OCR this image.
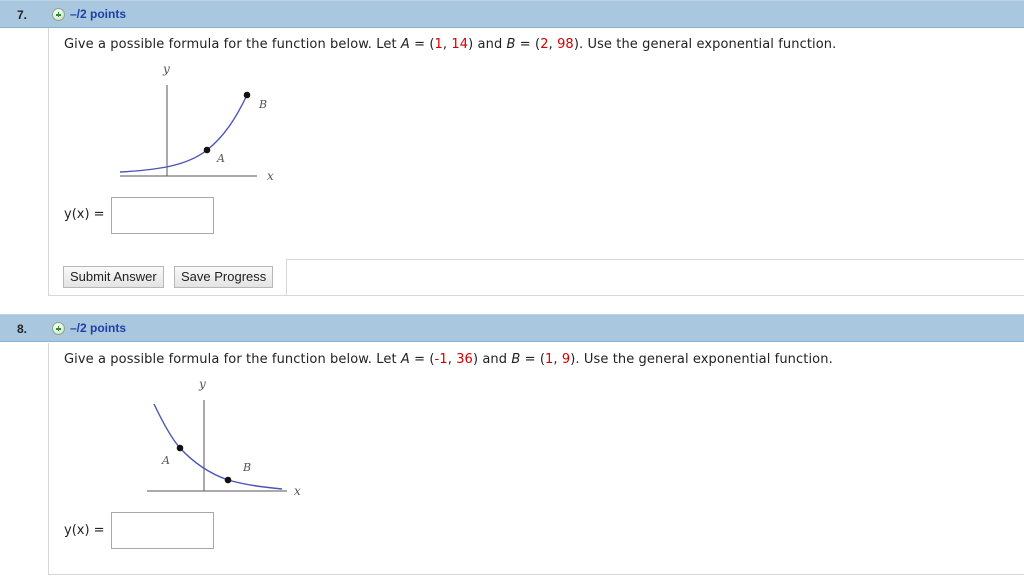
7.	–/2 points
Give a possible formula for the function below. Let A = (1, 14) and B = (2, 98). Use the general exponential function.
y
x
A
B
y(x) =
Submit Answer	Save Progress
8.	–/2 points
Give a possible formula for the function below. Let A = (-1, 36) and B = (1, 9). Use the general exponential function.
y
x
A
B
y(x) =
